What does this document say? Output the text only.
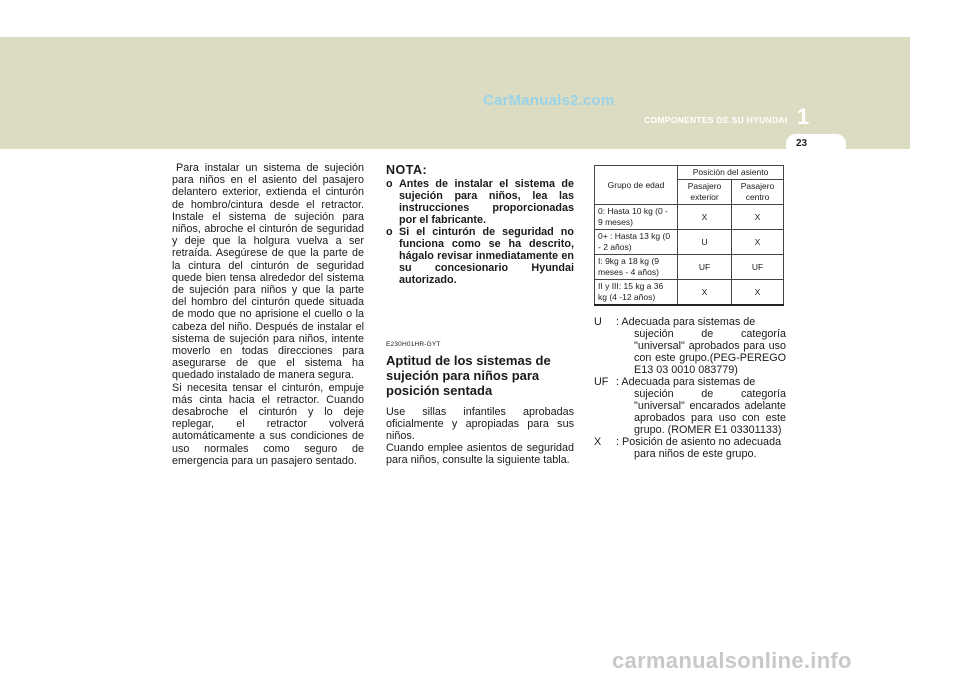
CarManuals2.com
1
COMPONENTES DE SU HYUNDAI
23

Para instalar un sistema de sujeción para niños en el asiento del pasajero delantero exterior, extienda el cinturón de hombro/cintura desde el retractor. Instale el sistema de sujeción para niños, abroche el cinturón de seguridad y deje que la holgura vuelva a ser retraída. Asegúrese de que la parte de la cintura del cinturón de seguridad quede bien tensa alrededor del sistema de sujeción para niños y que la parte del hombro del cinturón quede situada de modo que no aprisione el cuello o la cabeza del niño. Después de instalar el sistema de sujeción para niños, intente moverlo en todas direcciones para asegurarse de que el sistema ha quedado instalado de manera segura.

Si necesita tensar el cinturón, empuje más cinta hacia el retractor. Cuando desabroche el cinturón y lo deje replegar, el retractor volverá automáticamente a sus condiciones de uso normales como seguro de emergencia para un pasajero sentado.

NOTA:
o Antes de instalar el sistema de sujeción para niños, lea las instrucciones proporcionadas por el fabricante.
o Si el cinturón de seguridad no funciona como se ha descrito, hágalo revisar inmediatamente en su concesionario Hyundai autorizado.
E230H01HR-GYT
Aptitud de los sistemas de sujeción para niños para posición sentada
Use sillas infantiles aprobadas oficialmente y apropiadas para sus niños.
Cuando emplee asientos de seguridad para niños, consulte la siguiente tabla.
Grupo de edad	Posición del asiento	
	Pasajero exterior	Pasajero centro
0: Hasta 10 kg (0 - 9 meses)	X	X
0+ : Hasta 13 kg (0 - 2 años)	U	X
I: 9kg a 18 kg (9 meses - 4 años)	UF	UF
II y III: 15 kg a 36 kg (4 -12 años)	X	X
U	: Adecuada para sistemas de
sujeción de categoría "universal" aprobados para uso con este grupo.(PEG-PEREGO E13 03 0010 083779)
UF : Adecuada para sistemas de
sujeción de categoría "universal" encarados adelante aprobados para uso con este grupo. (ROMER E1 03301133)
X	: Posición de asiento no adecuada
para niños de este grupo.
carmanualsonline.info
